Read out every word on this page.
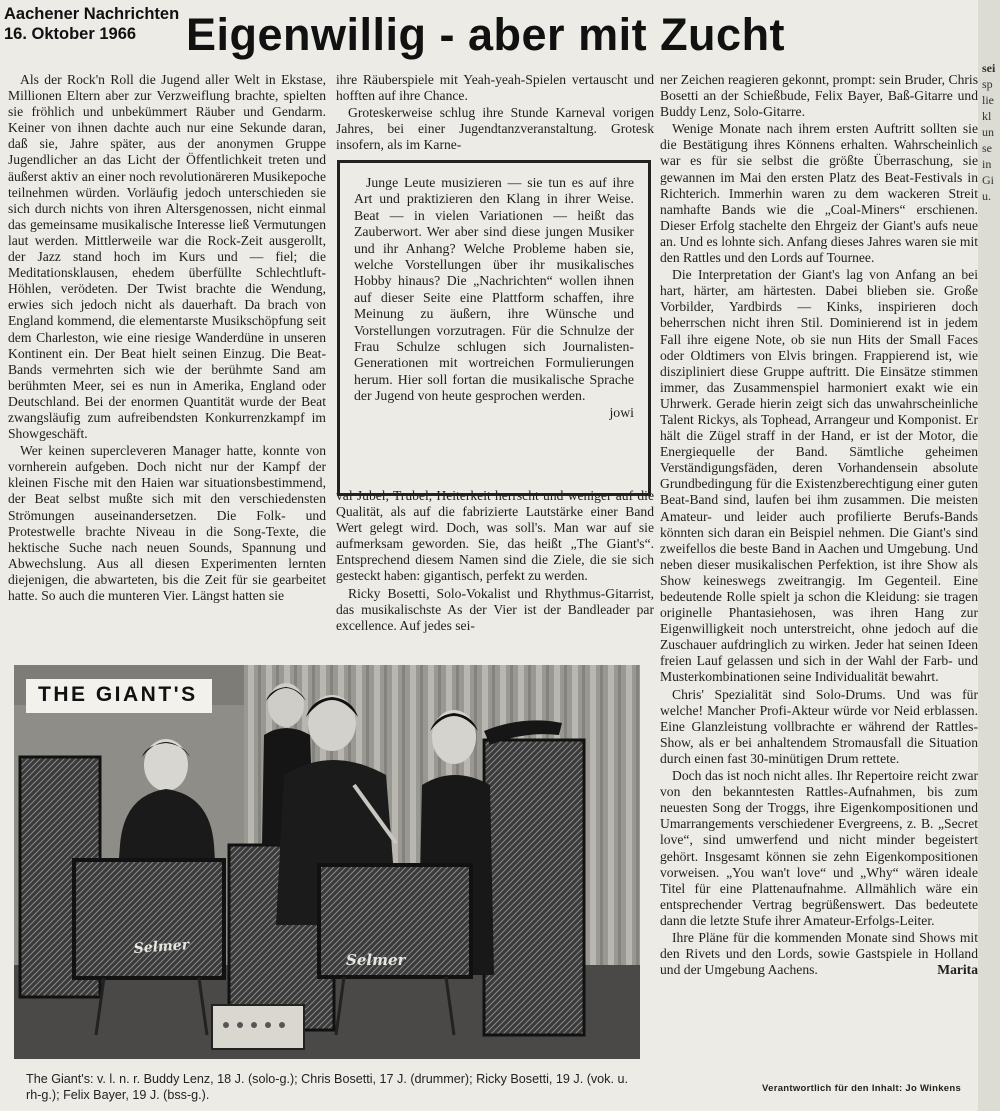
Aachener Nachrichten
16. Oktober 1966	Eigenwillig - aber mit Zucht

Als der Rock'n Roll die Jugend aller Welt in Ekstase, Millionen Eltern aber zur Verzweiflung brachte, spielten sie fröhlich und unbekümmert Räuber und Gendarm. Keiner von ihnen dachte auch nur eine Sekunde daran, daß sie, Jahre später, aus der anonymen Gruppe Jugendlicher an das Licht der Öffentlichkeit treten und äußerst aktiv an einer noch revolutionäreren Musikepoche teilnehmen würden. Vorläufig jedoch unterschieden sie sich durch nichts von ihren Altersgenossen, nicht einmal das gemeinsame musikalische Interesse ließ Vermutungen laut werden. Mittlerweile war die Rock-Zeit ausgerollt, der Jazz stand hoch im Kurs und — fiel; die Meditationsklausen, ehedem überfüllte Schlechtluft-Höhlen, verödeten. Der Twist brachte die Wendung, erwies sich jedoch nicht als dauerhaft. Da brach von England kommend, die elementarste Musikschöpfung seit dem Charleston, wie eine riesige Wanderdüne in unseren Kontinent ein. Der Beat hielt seinen Einzug. Die Beat-Bands vermehrten sich wie der berühmte Sand am berühmten Meer, sei es nun in Amerika, England oder Deutschland. Bei der enormen Quantität wurde der Beat zwangsläufig zum aufreibendsten Konkurrenzkampf im Showgeschäft.

Wer keinen supercleveren Manager hatte, konnte von vornherein aufgeben. Doch nicht nur der Kampf der kleinen Fische mit den Haien war situationsbestimmend, der Beat selbst mußte sich mit den verschiedensten Strömungen auseinandersetzen. Die Folk- und Protestwelle brachte Niveau in die Song-Texte, die hektische Suche nach neuen Sounds, Spannung und Abwechslung. Aus all diesen Experimenten lernten diejenigen, die abwarteten, bis die Zeit für sie gearbeitet hatte. So auch die munteren Vier. Längst hatten sie

ihre Räuberspiele mit Yeah-yeah-Spielen vertauscht und hofften auf ihre Chance.

Groteskerweise schlug ihre Stunde Karneval vorigen Jahres, bei einer Jugendtanzveranstaltung. Grotesk insofern, als im Karne-

Junge Leute musizieren — sie tun es auf ihre Art und praktizieren den Klang in ihrer Weise. Beat — in vielen Variationen — heißt das Zauberwort. Wer aber sind diese jungen Musiker und ihr Anhang? Welche Probleme haben sie, welche Vorstellungen über ihr musikalisches Hobby hinaus? Die „Nachrichten“ wollen ihnen auf dieser Seite eine Plattform schaffen, ihre Meinung zu äußern, ihre Wünsche und Vorstellungen vorzutragen. Für die Schnulze der Frau Schulze schlugen sich Journalisten-Generationen mit wortreichen Formulierungen herum. Hier soll fortan die musikalische Sprache der Jugend von heute gesprochen werden.

jowi

val Jubel, Trubel, Heiterkeit herrscht und weniger auf die Qualität, als auf die fabrizierte Lautstärke einer Band Wert gelegt wird. Doch, was soll's. Man war auf sie aufmerksam geworden. Sie, das heißt „The Giant's“. Entsprechend diesem Namen sind die Ziele, die sie sich gesteckt haben: gigantisch, perfekt zu werden.

Ricky Bosetti, Solo-Vokalist und Rhythmus-Gitarrist, das musikalischste As der Vier ist der Bandleader par excellence. Auf jedes sei-

ner Zeichen reagieren gekonnt, prompt: sein Bruder, Chris Bosetti an der Schießbude, Felix Bayer, Baß-Gitarre und Buddy Lenz, Solo-Gitarre.

Wenige Monate nach ihrem ersten Auftritt sollten sie die Bestätigung ihres Könnens erhalten. Wahrscheinlich war es für sie selbst die größte Überraschung, sie gewannen im Mai den ersten Platz des Beat-Festivals in Richterich. Immerhin waren zu dem wackeren Streit namhafte Bands wie die „Coal-Miners“ erschienen. Dieser Erfolg stachelte den Ehrgeiz der Giant's aufs neue an. Und es lohnte sich. Anfang dieses Jahres waren sie mit den Rattles und den Lords auf Tournee.

Die Interpretation der Giant's lag von Anfang an bei hart, härter, am härtesten. Dabei blieben sie. Große Vorbilder, Yardbirds — Kinks, inspirieren doch beherrschen nicht ihren Stil. Dominierend ist in jedem Fall ihre eigene Note, ob sie nun Hits der Small Faces oder Oldtimers von Elvis bringen. Frappierend ist, wie diszipliniert diese Gruppe auftritt. Die Einsätze stimmen immer, das Zusammenspiel harmoniert exakt wie ein Uhrwerk. Gerade hierin zeigt sich das unwahrscheinliche Talent Rickys, als Tophead, Arrangeur und Komponist. Er hält die Zügel straff in der Hand, er ist der Motor, die Energiequelle der Band. Sämtliche geheimen Verständigungsfäden, deren Vorhandensein absolute Grundbedingung für die Existenzberechtigung einer guten Beat-Band sind, laufen bei ihm zusammen. Die meisten Amateur- und leider auch profilierte Berufs-Bands könnten sich daran ein Beispiel nehmen. Die Giant's sind zweifellos die beste Band in Aachen und Umgebung. Und neben dieser musikalischen Perfektion, ist ihre Show als Show keineswegs zweitrangig. Im Gegenteil. Eine bedeutende Rolle spielt ja schon die Kleidung: sie tragen originelle Phantasiehosen, was ihren Hang zur Eigenwilligkeit noch unterstreicht, ohne jedoch auf die Zuschauer aufdringlich zu wirken. Jeder hat seinen Ideen freien Lauf gelassen und sich in der Wahl der Farb- und Musterkombinationen seine Individualität bewahrt.

Chris' Spezialität sind Solo-Drums. Und was für welche! Mancher Profi-Akteur würde vor Neid erblassen. Eine Glanzleistung vollbrachte er während der Rattles-Show, als er bei anhaltendem Stromausfall die Situation durch einen fast 30-minütigen Drum rettete.

Doch das ist noch nicht alles. Ihr Repertoire reicht zwar von den bekanntesten Rattles-Aufnahmen, bis zum neuesten Song der Troggs, ihre Eigenkompositionen und Umarrangements verschiedener Evergreens, z. B. „Secret love“, sind umwerfend und nicht minder begeistert gehört. Insgesamt können sie zehn Eigenkompositionen vorweisen. „You wan't love“ und „Why“ wären ideale Titel für eine Plattenaufnahme. Allmählich wäre ein entsprechender Vertrag begrüßenswert. Das bedeutete dann die letzte Stufe ihrer Amateur-Erfolgs-Leiter.

Ihre Pläne für die kommenden Monate sind Shows mit den Rivets und den Lords, sowie Gastspiele in Holland und der Umgebung Aachens.	Marita
Selmer
Selmer
THE GIANT'S
The Giant's: v. l. n. r. Buddy Lenz, 18 J. (solo-g.); Chris Bosetti, 17 J. (drummer); Ricky Bosetti, 19 J. (vok. u. rh-g.); Felix Bayer, 19 J. (bss-g.).	Verantwortlich für den Inhalt: Jo Winkens
sei
sp
lie
kl
un
se
in
Gi
u.
